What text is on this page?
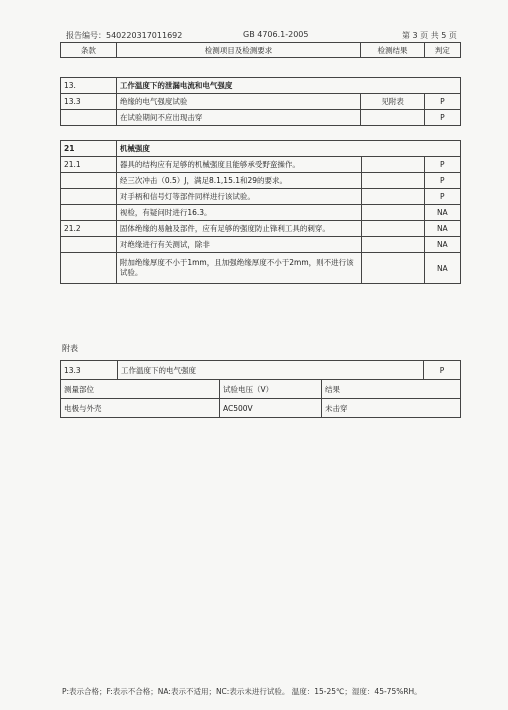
报告编号：540220317011692	GB 4706.1-2005	第 3 页 共 5 页
条款	检测项目及检测要求	检测结果	判定
13.	工作温度下的泄漏电流和电气强度		
13.3	绝缘的电气强度试验	见附表	P
	在试验期间不应出现击穿		P
21	机械强度		
21.1	器具的结构应有足够的机械强度且能够承受野蛮操作。		P
	经三次冲击（0.5）J，满足8.1,15.1和29的要求。		P
	对手柄和信号灯等部件同样进行该试验。		P
	视检，有疑问时进行16.3。		NA
21.2	固体绝缘的易触及部件，应有足够的强度防止锋利工具的刺穿。		NA
	对绝缘进行有关测试，除非		NA
	附加绝缘厚度不小于1mm，且加强绝缘厚度不小于2mm，则不进行该试验。		NA
附表
13.3	工作温度下的电气强度			P
测量部位		试验电压（V）	结果	
电极与外壳		AC500V	未击穿	
P:表示合格；F:表示不合格；NA:表示不适用；NC:表示未进行试验。 温度：15-25℃；湿度：45-75%RH。
